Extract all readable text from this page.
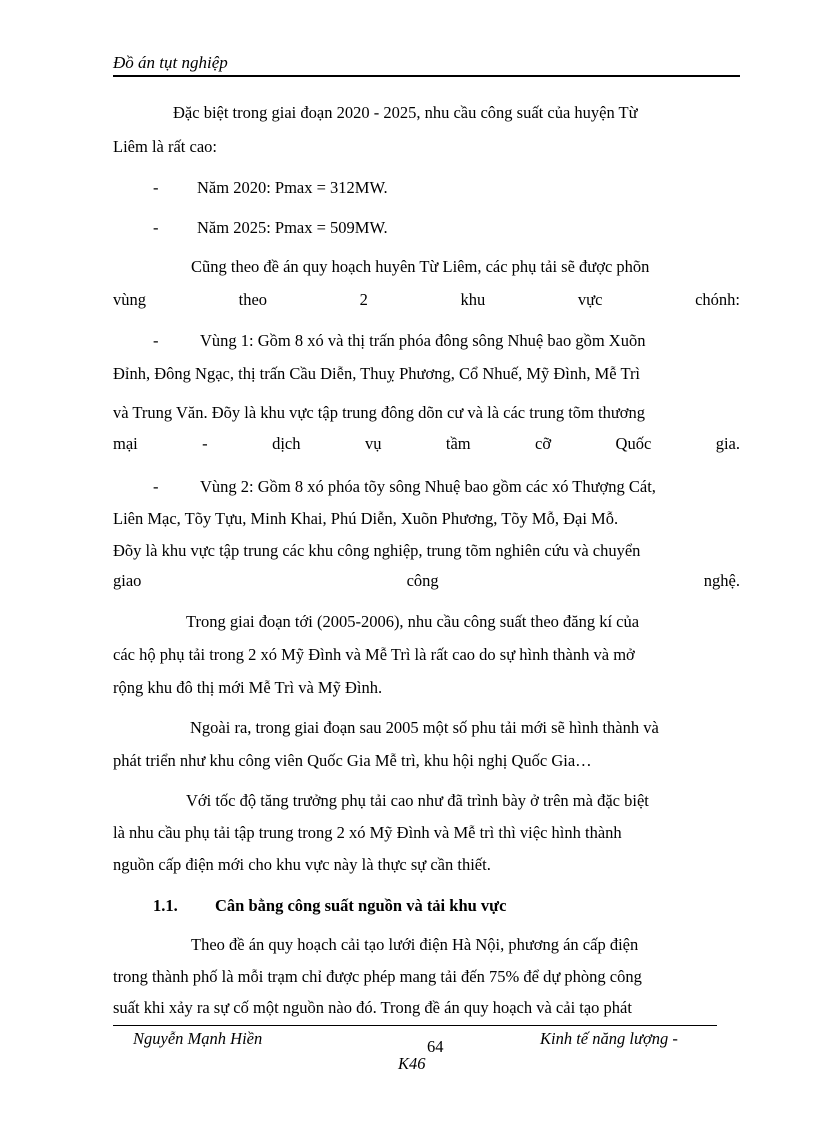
Đồ án tụt nghiệp

Đặc biệt trong giai đoạn 2020 - 2025, nhu cầu công suất của huyện Từ

Liêm là rất cao:

- Năm 2020: Pmax = 312MW.
- Năm 2025: Pmax = 509MW.

Cũng theo đề án quy hoạch huyên Từ Liêm, các phụ tải sẽ được phõn

vùng theo 2 khu vực chónh:

-	Vùng 1: Gồm 8 xó và thị trấn phóa đông sông Nhuệ bao gồm Xuõn

Đỉnh, Đông Ngạc, thị trấn Cầu Diễn, Thuỵ Phương, Cổ Nhuế, Mỹ Đình, Mễ Trì

và Trung Văn. Đõy là khu vực tập trung đông dõn cư và là các trung tõm thương

mại - dịch vụ tầm cỡ Quốc gia.

-	Vùng 2: Gồm 8 xó phóa tõy sông Nhuệ bao gồm các xó Thượng Cát,

Liên Mạc, Tõy Tựu, Minh Khai, Phú Diễn, Xuõn Phương, Tõy Mỗ, Đại Mỗ.

Đõy là khu vực tập trung các khu công nghiệp, trung tõm nghiên cứu và chuyển

giao công nghệ.

Trong giai đoạn tới (2005-2006), nhu cầu công suất theo đăng kí của

các hộ phụ tải trong 2 xó Mỹ Đình và Mễ Trì là rất cao do sự hình thành và mở

rộng khu đô thị mới Mễ Trì và Mỹ Đình.

Ngoài ra, trong giai đoạn sau 2005 một số phu tải mới sẽ hình thành và

phát triển như khu công viên Quốc Gia Mễ trì, khu hội nghị Quốc Gia…

Với tốc độ tăng trưởng phụ tải cao như đã trình bày ở trên mà đặc biệt

là nhu cầu phụ tải tập trung trong 2 xó Mỹ Đình và Mễ trì thì việc hình thành

nguồn cấp điện mới cho khu vực này là thực sự cần thiết.

1.1. Cân bằng công suất nguồn và tải khu vực

Theo đề án quy hoạch cải tạo lưới điện Hà Nội, phương án cấp điện

trong thành phố là mỗi trạm chỉ được phép mang tải đến 75% để dự phòng công

suất khi xảy ra sự cố một nguồn nào đó. Trong đề án quy hoạch và cải tạo phát

Nguyễn Mạnh Hiền	64	Kinh tế năng lượng -
K46
